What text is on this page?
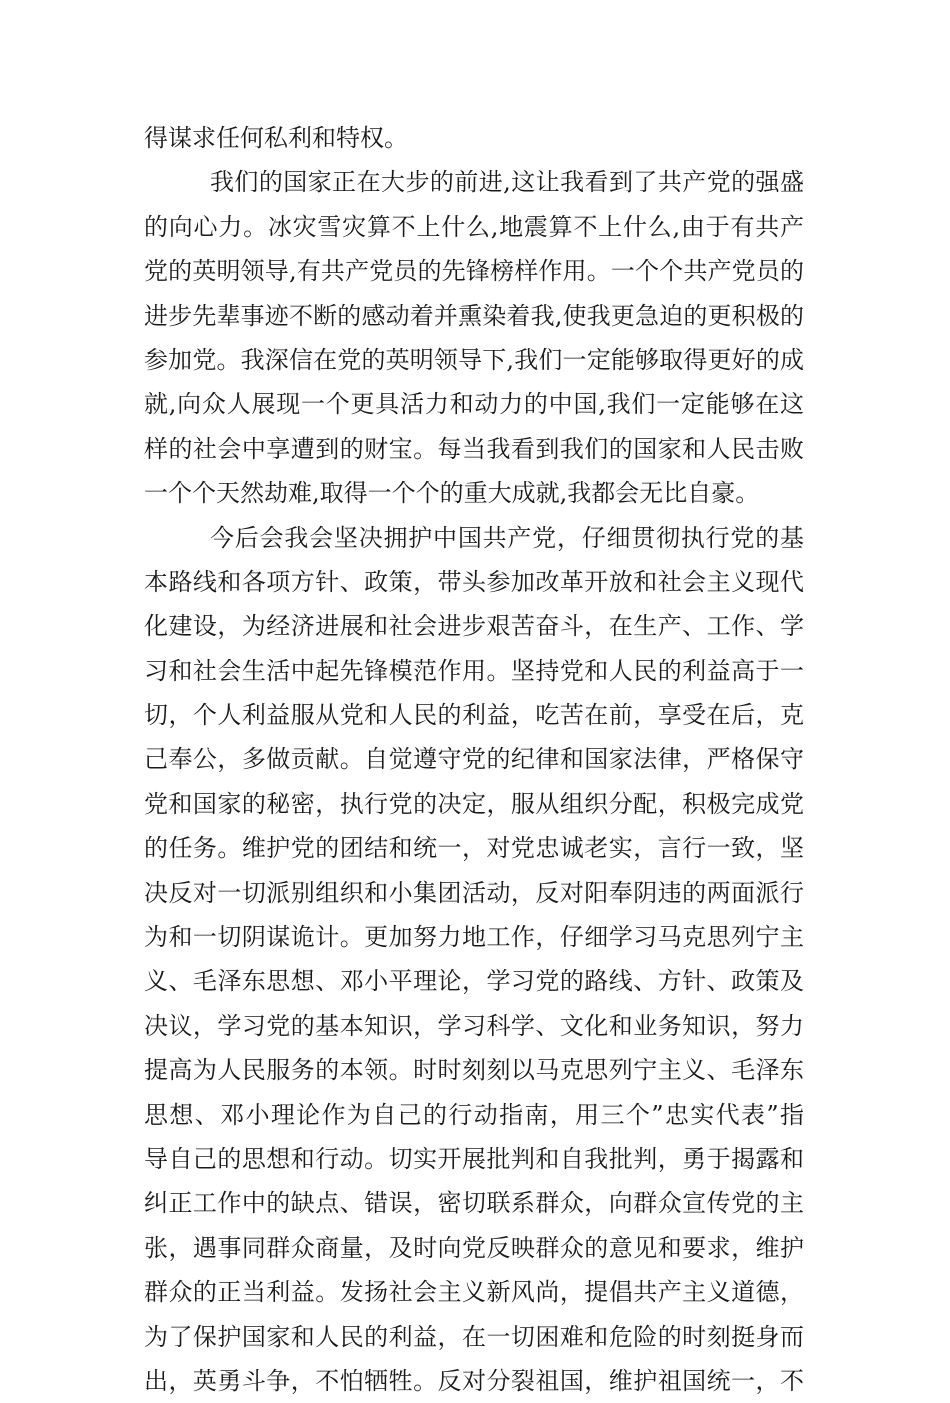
得谋求任何私利和特权。
我们的国家正在大步的前进,这让我看到了共产党的强盛
的向心力。冰灾雪灾算不上什么,地震算不上什么,由于有共产
党的英明领导,有共产党员的先锋榜样作用。一个个共产党员的
进步先辈事迹不断的感动着并熏染着我,使我更急迫的更积极的
参加党。我深信在党的英明领导下,我们一定能够取得更好的成
就,向众人展现一个更具活力和动力的中国,我们一定能够在这
样的社会中享遭到的财宝。每当我看到我们的国家和人民击败
一个个天然劫难,取得一个个的重大成就,我都会无比自豪。
今后会我会坚决拥护中国共产党，仔细贯彻执行党的基
本路线和各项方针、政策，带头参加改革开放和社会主义现代
化建设，为经济进展和社会进步艰苦奋斗，在生产、工作、学
习和社会生活中起先锋模范作用。坚持党和人民的利益高于一
切，个人利益服从党和人民的利益，吃苦在前，享受在后，克
己奉公，多做贡献。自觉遵守党的纪律和国家法律，严格保守
党和国家的秘密，执行党的决定，服从组织分配，积极完成党
的任务。维护党的团结和统一，对党忠诚老实，言行一致，坚
决反对一切派别组织和小集团活动，反对阳奉阴违的两面派行
为和一切阴谋诡计。更加努力地工作，仔细学习马克思列宁主
义、毛泽东思想、邓小平理论，学习党的路线、方针、政策及
决议，学习党的基本知识，学习科学、文化和业务知识，努力
提高为人民服务的本领。时时刻刻以马克思列宁主义、毛泽东
思想、邓小理论作为自己的行动指南，用三个”忠实代表”指
导自己的思想和行动。切实开展批判和自我批判，勇于揭露和
纠正工作中的缺点、错误，密切联系群众，向群众宣传党的主
张，遇事同群众商量，及时向党反映群众的意见和要求，维护
群众的正当利益。发扬社会主义新风尚，提倡共产主义道德，
为了保护国家和人民的利益，在一切困难和危险的时刻挺身而
出，英勇斗争，不怕牺牲。反对分裂祖国，维护祖国统一，不
